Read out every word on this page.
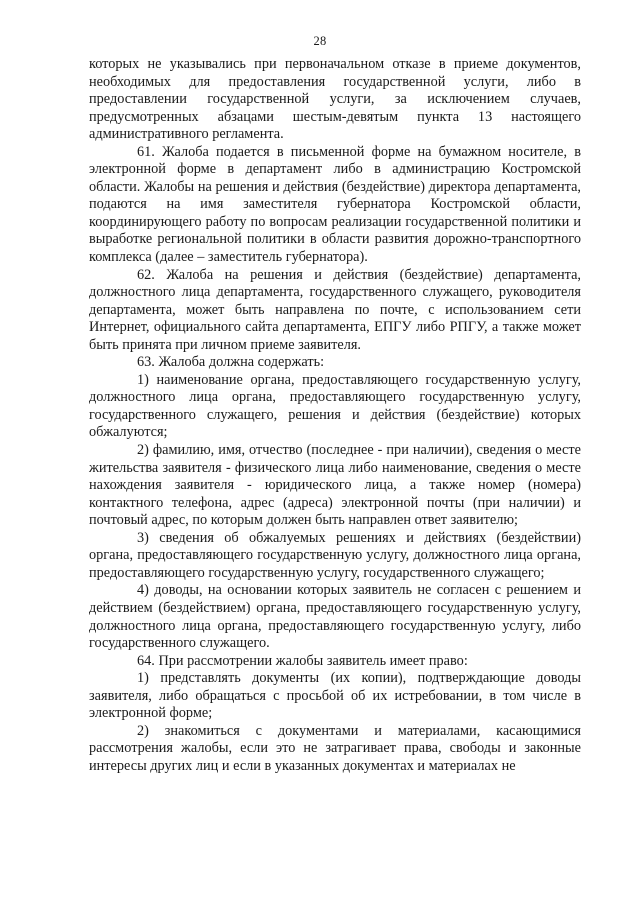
28

которых не указывались при первоначальном отказе в приеме документов, необходимых для предоставления государственной услуги, либо в предоставлении государственной услуги, за исключением случаев, предусмотренных абзацами шестым-девятым пункта 13 настоящего административного регламента.

61. Жалоба подается в письменной форме на бумажном носителе, в электронной форме в департамент либо в администрацию Костромской области. Жалобы на решения и действия (бездействие) директора департамента, подаются на имя заместителя губернатора Костромской области, координирующего работу по вопросам реализации государственной политики и выработке региональной политики в области развития дорожно-транспортного комплекса (далее – заместитель губернатора).

62. Жалоба на решения и действия (бездействие) департамента, должностного лица департамента, государственного служащего, руководителя департамента, может быть направлена по почте, с использованием сети Интернет, официального сайта департамента, ЕПГУ либо РПГУ, а также может быть принята при личном приеме заявителя.

63. Жалоба должна содержать:

1) наименование органа, предоставляющего государственную услугу, должностного лица органа, предоставляющего государственную услугу, государственного служащего, решения и действия (бездействие) которых обжалуются;

2) фамилию, имя, отчество (последнее - при наличии), сведения о месте жительства заявителя - физического лица либо наименование, сведения о месте нахождения заявителя - юридического лица, а также номер (номера) контактного телефона, адрес (адреса) электронной почты (при наличии) и почтовый адрес, по которым должен быть направлен ответ заявителю;

3) сведения об обжалуемых решениях и действиях (бездействии) органа, предоставляющего государственную услугу, должностного лица органа, предоставляющего государственную услугу, государственного служащего;

4) доводы, на основании которых заявитель не согласен с решением и действием (бездействием) органа, предоставляющего государственную услугу, должностного лица органа, предоставляющего государственную услугу, либо государственного служащего.

64. При рассмотрении жалобы заявитель имеет право:

1) представлять документы (их копии), подтверждающие доводы заявителя, либо обращаться с просьбой об их истребовании, в том числе в электронной форме;

2) знакомиться с документами и материалами, касающимися рассмотрения жалобы, если это не затрагивает права, свободы и законные интересы других лиц и если в указанных документах и материалах не
